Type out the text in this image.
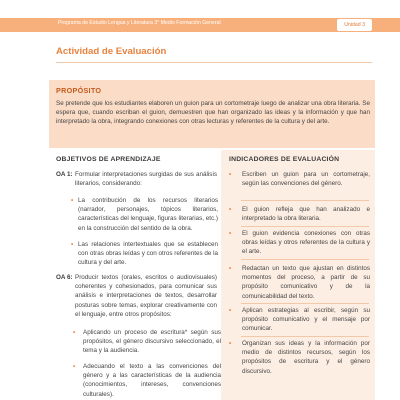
Programa de Estudio Lengua y Literatura 3° Medio Formación General	Unidad 3
Actividad de Evaluación
PROPÓSITO

Se pretende que los estudiantes elaboren un guion para un cortometraje luego de analizar una obra literaria. Se espera que, cuando escriban el guion, demuestren que han organizado las ideas y la información y que han interpretado la obra, integrando conexiones con otras lecturas y referentes de la cultura y del arte.

OBJETIVOS DE APRENDIZAJE
OA 1: Formular interpretaciones surgidas de sus análisis literarios, considerando:
• La contribución de los recursos literarios (narrador, personajes, tópicos literarios, características del lenguaje, figuras literarias, etc.) en la construcción del sentido de la obra.
• Las relaciones intertextuales que se establecen con otras obras leídas y con otros referentes de la cultura y del arte.
OA 6: Producir textos (orales, escritos o audiovisuales) coherentes y cohesionados, para comunicar sus análisis e interpretaciones de textos, desarrollar posturas sobre temas, explorar creativamente con el lenguaje, entre otros propósitos:
• Aplicando un proceso de escritura* según sus propósitos, el género discursivo seleccionado, el tema y la audiencia.
• Adecuando el texto a las convenciones del género y a las características de la audiencia (conocimientos, intereses, convenciones culturales).
INDICADORES DE EVALUACIÓN
• Escriben un guion para un cortometraje, según las convenciones del género.
• El guion refleja que han analizado e interpretado la obra literaria.
• El guion evidencia conexiones con otras obras leídas y otros referentes de la cultura y el arte.
• Redactan un texto que ajustan en distintos momentos del proceso, a partir de su propósito comunicativo y de la comunicabilidad del texto.
• Aplican estrategias al escribir, según su propósito comunicativo y el mensaje por comunicar.
• Organizan sus ideas y la información por medio de distintos recursos, según los propósitos de escritura y el género discursivo.
